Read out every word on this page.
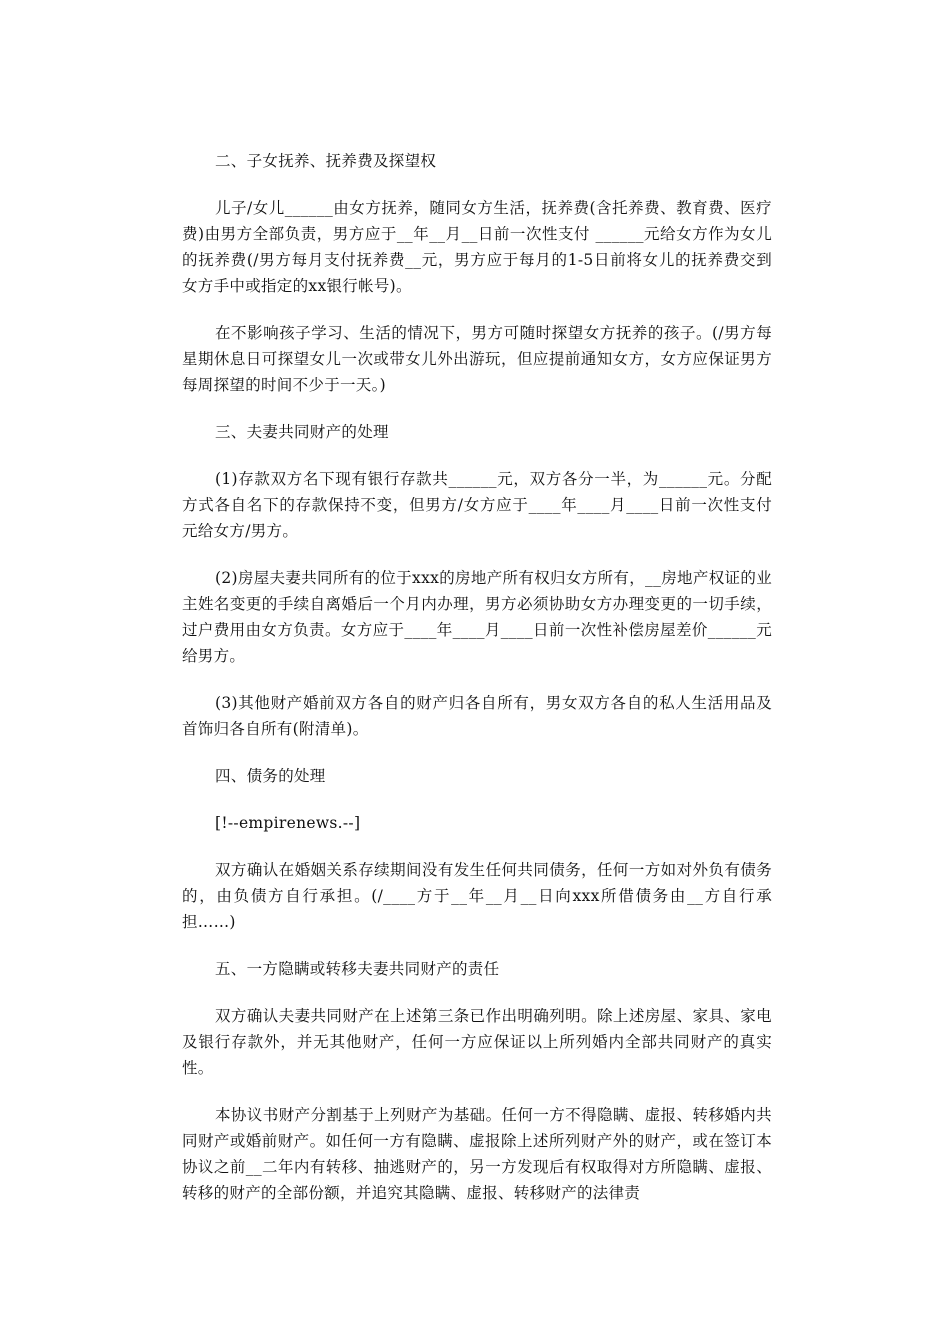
二、子女抚养、抚养费及探望权

儿子/女儿______由女方抚养，随同女方生活，抚养费(含托养费、教育费、医疗费)由男方全部负责，男方应于__年__月__日前一次性支付 ______元给女方作为女儿的抚养费(/男方每月支付抚养费__元，男方应于每月的1-5日前将女儿的抚养费交到女方手中或指定的xx银行帐号)。

在不影响孩子学习、生活的情况下，男方可随时探望女方抚养的孩子。(/男方每星期休息日可探望女儿一次或带女儿外出游玩，但应提前通知女方，女方应保证男方每周探望的时间不少于一天。)

三、夫妻共同财产的处理

(1)存款双方名下现有银行存款共______元，双方各分一半，为______元。分配方式各自名下的存款保持不变，但男方/女方应于____年____月____日前一次性支付 元给女方/男方。

(2)房屋夫妻共同所有的位于xxx的房地产所有权归女方所有，__房地产权证的业主姓名变更的手续自离婚后一个月内办理，男方必须协助女方办理变更的一切手续，过户费用由女方负责。女方应于____年____月____日前一次性补偿房屋差价______元给男方。

(3)其他财产婚前双方各自的财产归各自所有，男女双方各自的私人生活用品及首饰归各自所有(附清单)。

四、债务的处理

[!--empirenews.--]

双方确认在婚姻关系存续期间没有发生任何共同债务，任何一方如对外负有债务的，由负债方自行承担。(/____方于__年__月__日向xxx所借债务由__方自行承担……)

五、一方隐瞒或转移夫妻共同财产的责任

双方确认夫妻共同财产在上述第三条已作出明确列明。除上述房屋、家具、家电及银行存款外，并无其他财产，任何一方应保证以上所列婚内全部共同财产的真实性。

本协议书财产分割基于上列财产为基础。任何一方不得隐瞒、虚报、转移婚内共同财产或婚前财产。如任何一方有隐瞒、虚报除上述所列财产外的财产，或在签订本协议之前__二年内有转移、抽逃财产的，另一方发现后有权取得对方所隐瞒、虚报、转移的财产的全部份额，并追究其隐瞒、虚报、转移财产的法律责
